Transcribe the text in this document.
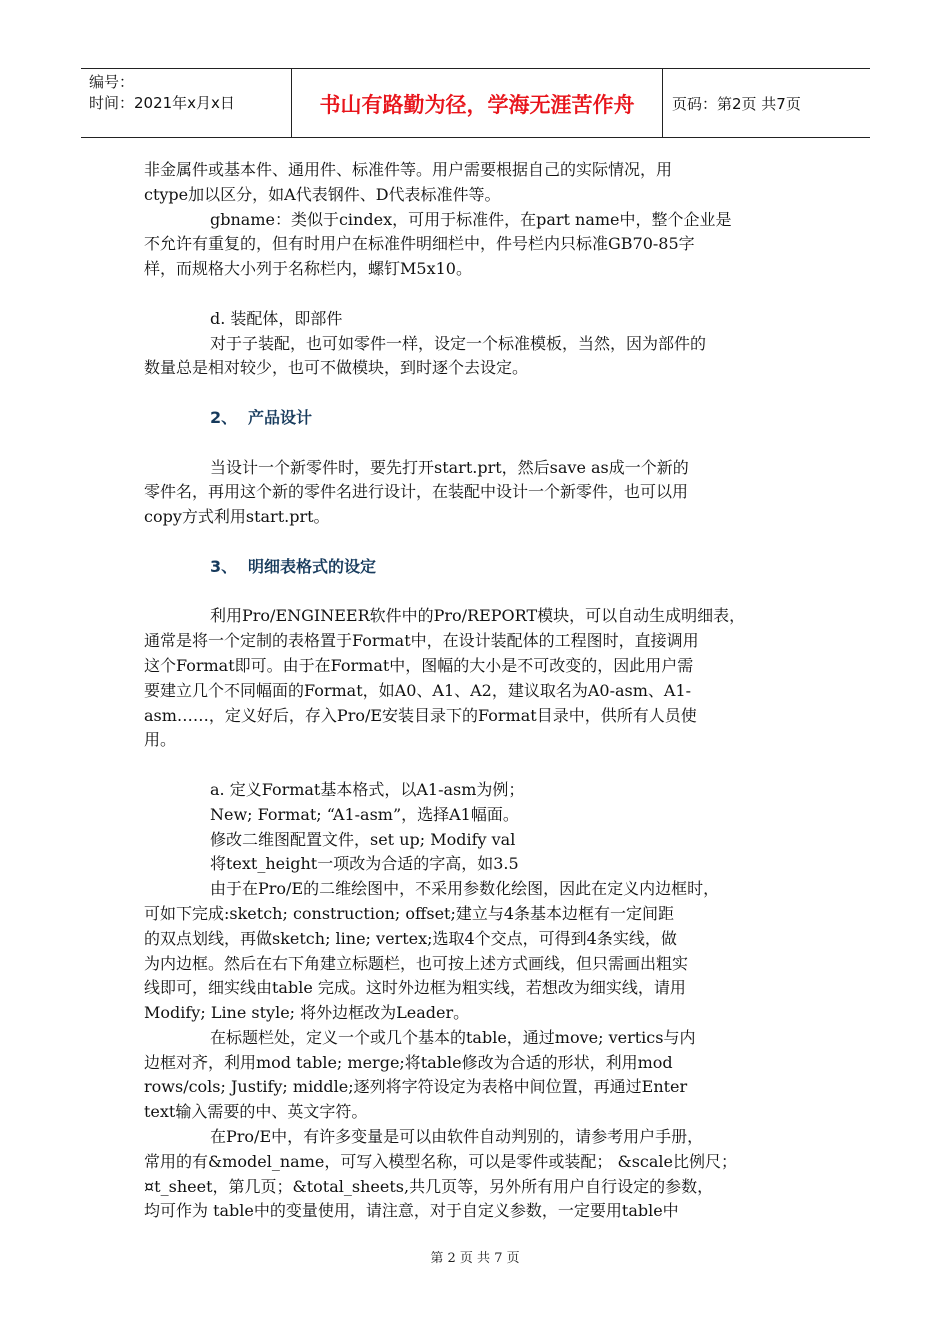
编号：
时间：2021年x月x日	书山有路勤为径，学海无涯苦作舟	页码：第2页 共7页

非金属件或基本件、通用件、标准件等。用户需要根据自己的实际情况，用

ctype加以区分，如A代表钢件、D代表标准件等。

gbname：类似于cindex，可用于标准件，在part name中，整个企业是

不允许有重复的，但有时用户在标准件明细栏中，件号栏内只标准GB70-85字

样，而规格大小列于名称栏内，螺钉M5x10。

d. 装配体，即部件

对于子装配，也可如零件一样，设定一个标准模板，当然，因为部件的

数量总是相对较少，也可不做模块，到时逐个去设定。

2、 产品设计

当设计一个新零件时，要先打开start.prt，然后save as成一个新的

零件名，再用这个新的零件名进行设计，在装配中设计一个新零件，也可以用

copy方式利用start.prt。

3、 明细表格式的设定

利用Pro/ENGINEER软件中的Pro/REPORT模块，可以自动生成明细表，

通常是将一个定制的表格置于Format中，在设计装配体的工程图时，直接调用

这个Format即可。由于在Format中，图幅的大小是不可改变的，因此用户需

要建立几个不同幅面的Format，如A0、A1、A2，建议取名为A0-asm、A1-

asm……，定义好后，存入Pro/E安装目录下的Format目录中，供所有人员使

用。

a. 定义Format基本格式，以A1-asm为例；

New; Format; “A1-asm”，选择A1幅面。

修改二维图配置文件，set up; Modify val

将text_height一项改为合适的字高，如3.5

由于在Pro/E的二维绘图中，不采用参数化绘图，因此在定义内边框时，

可如下完成:sketch; construction; offset;建立与4条基本边框有一定间距

的双点划线，再做sketch; line; vertex;选取4个交点，可得到4条实线，做

为内边框。然后在右下角建立标题栏，也可按上述方式画线，但只需画出粗实

线即可，细实线由table 完成。这时外边框为粗实线，若想改为细实线，请用

Modify; Line style; 将外边框改为Leader。

在标题栏处，定义一个或几个基本的table，通过move; vertics与内

边框对齐，利用mod table; merge;将table修改为合适的形状，利用mod

rows/cols; Justify; middle;逐列将字符设定为表格中间位置，再通过Enter

text输入需要的中、英文字符。

在Pro/E中，有许多变量是可以由软件自动判别的，请参考用户手册，

常用的有&model_name，可写入模型名称，可以是零件或装配； &scale比例尺；

¤t_sheet，第几页；&total_sheets,共几页等，另外所有用户自行设定的参数，

均可作为 table中的变量使用，请注意，对于自定义参数，一定要用table中

第 2 页 共 7 页
